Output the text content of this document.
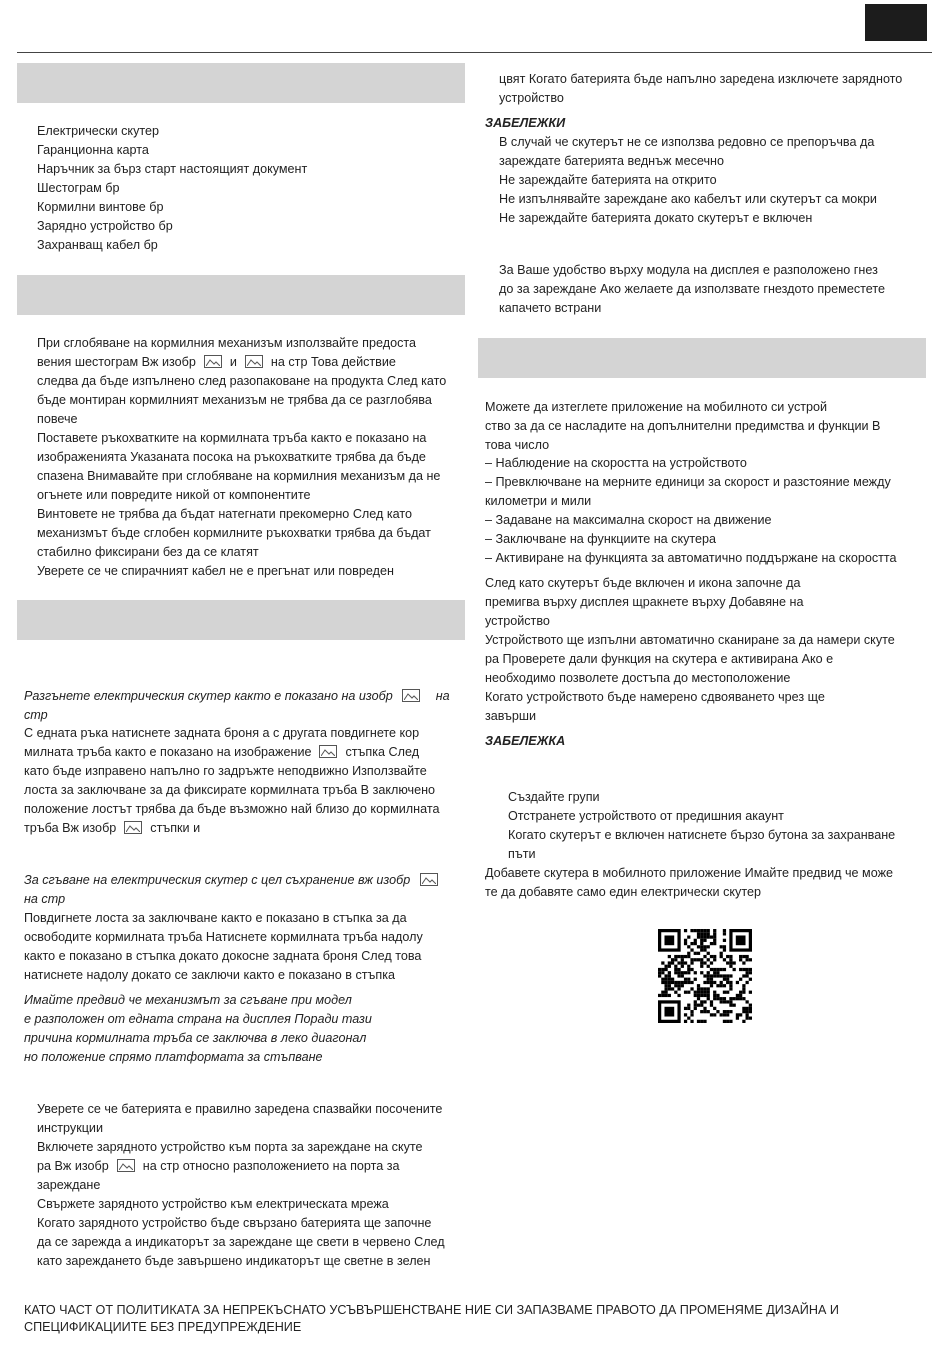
Електрически скутер
Гаранционна карта
Наръчник за бърз старт настоящият документ
Шестограм бр
Кормилни винтове бр
Зарядно устройство бр
Захранващ кабел бр
При сглобяване на кормилния механизъм използвайте предоста
вения шестограм Вж изобр	и	на стр Това действие
следва да бъде изпълнено след разопаковане на продукта След като
бъде монтиран кормилният механизъм не трябва да се разглобява
повече
Поставете ръкохватките на кормилната тръба както е показано на
изображенията Указаната посока на ръкохватките трябва да бъде
спазена Внимавайте при сглобяване на кормилния механизъм да не
огънете или повредите никой от компонентите
Винтовете не трябва да бъдат натегнати прекомерно След като
механизмът бъде сглобен кормилните ръкохватки трябва да бъдат
стабилно фиксирани без да се клатят
Уверете се че спирачният кабел не е прегънат или повреден
Разгънете електрическия скутер както е показано на изобр	на
стр
С едната ръка натиснете задната броня а с другата повдигнете кор
милната тръба както е показано на изображение	стъпка След
като бъде изправено напълно го задръжте неподвижно Използвайте
лоста за заключване за да фиксирате кормилната тръба В заключено
положение лостът трябва да бъде възможно най близо до кормилната
тръба Вж изобр	стъпки и
За сгъване на електрическия скутер с цел съхранение вж изобр
на стр
Повдигнете лоста за заключване както е показано в стъпка за да
освободите кормилната тръба Натиснете кормилната тръба надолу
както е показано в стъпка докато докосне задната броня След това
натиснете надолу докато се заключи както е показано в стъпка
Имайте предвид че механизмът за сгъване при модел
е разположен от едната страна на дисплея Поради тази
причина кормилната тръба се заключва в леко диагонал
но положение спрямо платформата за стъпване
Уверете се че батерията е правилно заредена спазвайки посочените
инструкции
Включете зарядното устройство към порта за зареждане на скуте
ра Вж изобр	на стр относно разположението на порта за
зареждане
Свържете зарядното устройство към електрическата мрежа
Когато зарядното устройство бъде свързано батерията ще започне
да се зарежда а индикаторът за зареждане ще свети в червено След
като зареждането бъде завършено индикаторът ще светне в зелен
цвят Когато батерията бъде напълно заредена изключете зарядното
устройство
ЗАБЕЛЕЖКИ
В случай че скутерът не се използва редовно се препоръчва да
зареждате батерията веднъж месечно
Не зареждайте батерията на открито
Не изпълнявайте зареждане ако кабелът или скутерът са мокри
Не зареждайте батерията докато скутерът е включен
За Ваше удобство върху модула на дисплея е разположено гнез
до за зареждане Ако желаете да използвате гнездото преместете
капачето встрани
Можете да изтеглете приложение на мобилното си устрой
ство за да се насладите на допълнителни предимства и функции В
това число
– Наблюдение на скоростта на устройството
– Превключване на мерните единици за скорост и разстояние между
километри и мили
– Задаване на максимална скорост на движение
– Заключване на функциите на скутера
– Активиране на функцията за автоматично поддържане на скоростта
След като скутерът бъде включен и икона започне да
премигва върху дисплея щракнете върху Добавяне на
устройство
Устройството ще изпълни автоматично сканиране за да намери скуте
ра Проверете дали функция на скутера е активирана Ако е
необходимо позволете достъпа до местоположение
Когато устройството бъде намерено сдвояването чрез ще
завърши
ЗАБЕЛЕЖКА
Създайте групи
Отстранете устройството от предишния акаунт
Когато скутерът е включен натиснете бързо бутона за захранване
пъти
Добавете скутера в мобилното приложение Имайте предвид че може
те да добавяте само един електрически скутер
КАТО ЧАСТ ОТ ПОЛИТИКАТА ЗА НЕПРЕКЪСНАТО УСЪВЪРШЕНСТВАНЕ НИЕ СИ ЗАПАЗВАМЕ ПРАВОТО ДА ПРОМЕНЯМЕ ДИЗАЙНА И
СПЕЦИФИКАЦИИТЕ БЕЗ ПРЕДУПРЕЖДЕНИЕ
